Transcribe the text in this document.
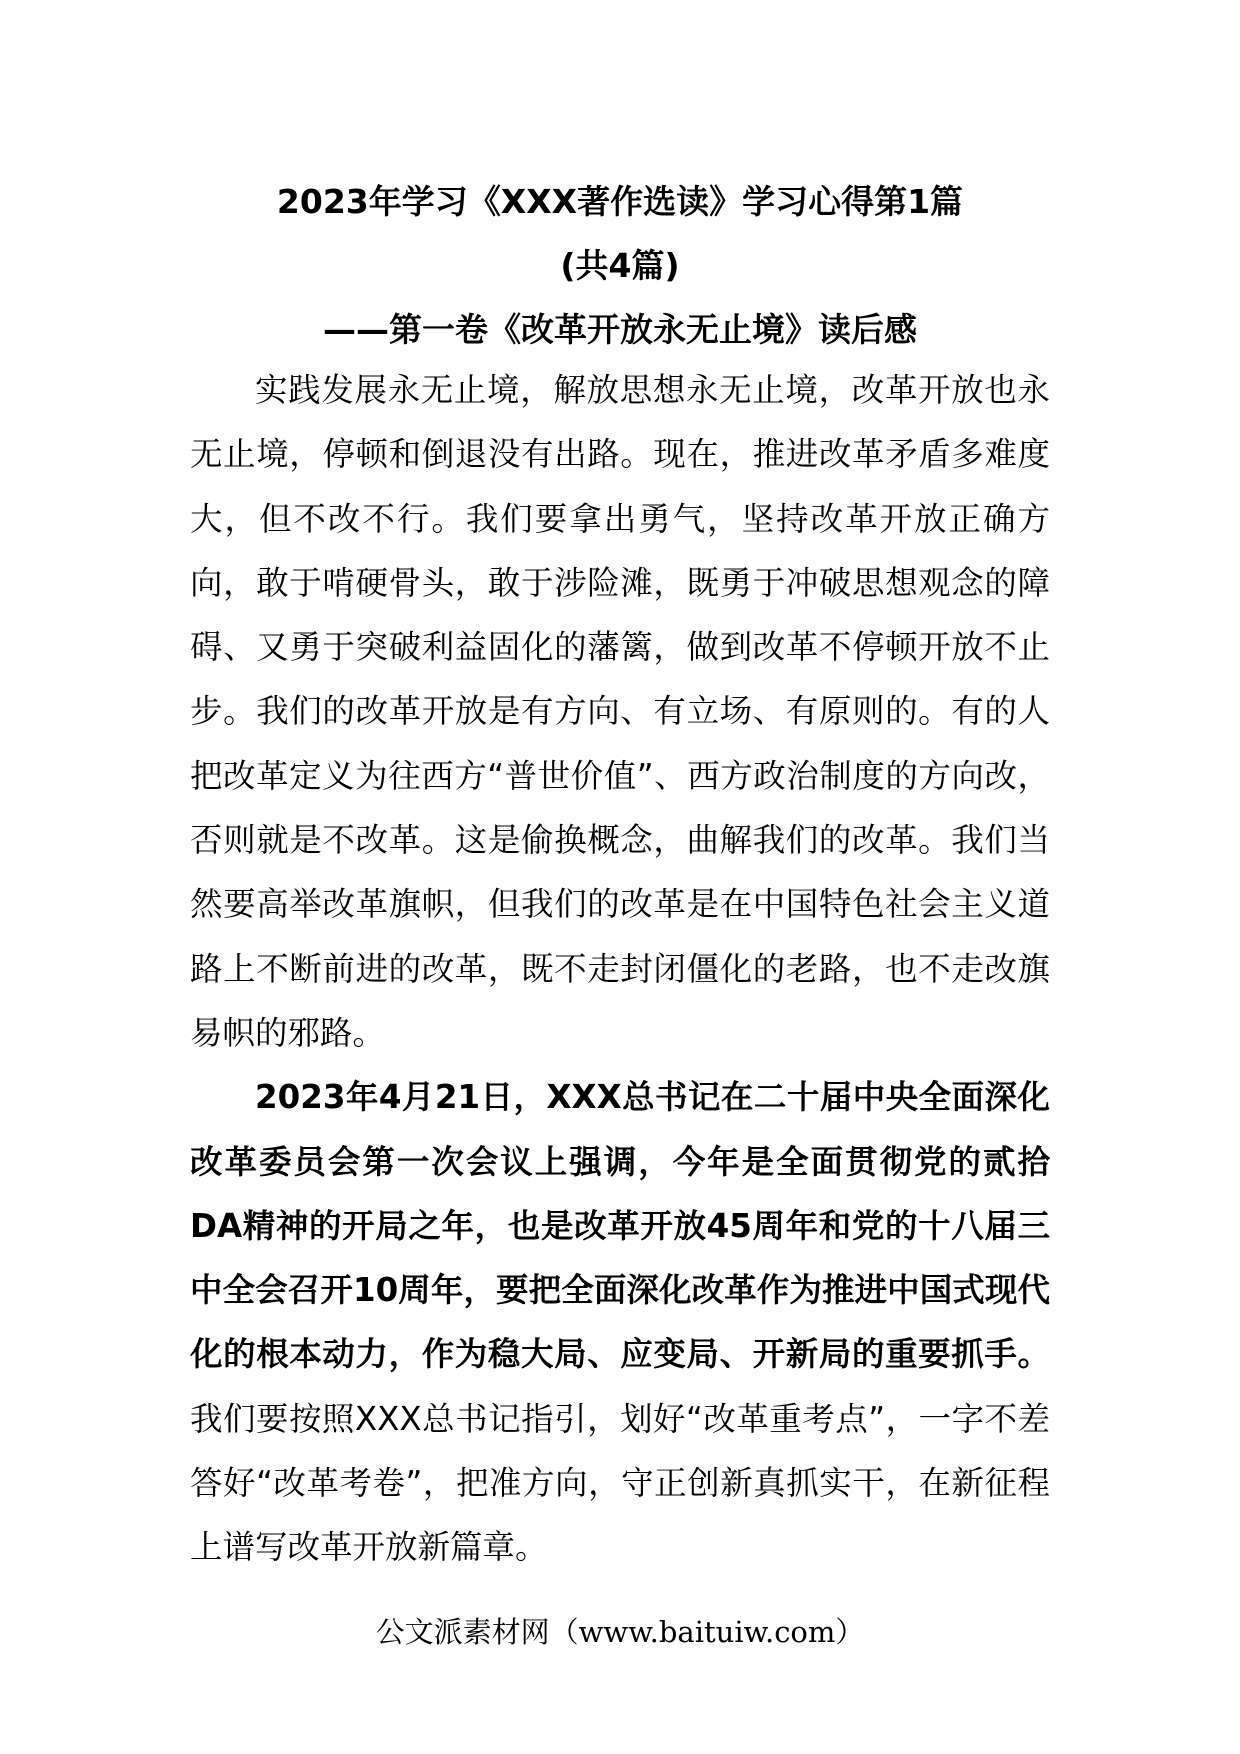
2023年学习《XXX著作选读》学习心得第1篇
(共4篇)
——第一卷《改革开放永无止境》读后感

实践发展永无止境，解放思想永无止境，改革开放也永无止境，停顿和倒退没有出路。现在，推进改革矛盾多难度大，但不改不行。我们要拿出勇气，坚持改革开放正确方向，敢于啃硬骨头，敢于涉险滩，既勇于冲破思想观念的障碍、又勇于突破利益固化的藩篱，做到改革不停顿开放不止步。我们的改革开放是有方向、有立场、有原则的。有的人把改革定义为往西方“普世价值”、西方政治制度的方向改，否则就是不改革。这是偷换概念，曲解我们的改革。我们当然要高举改革旗帜，但我们的改革是在中国特色社会主义道路上不断前进的改革，既不走封闭僵化的老路，也不走改旗易帜的邪路。

2023年4月21日，XXX总书记在二十届中央全面深化改革委员会第一次会议上强调，今年是全面贯彻党的贰拾DA精神的开局之年，也是改革开放45周年和党的十八届三中全会召开10周年，要把全面深化改革作为推进中国式现代化的根本动力，作为稳大局、应变局、开新局的重要抓手。我们要按照XXX总书记指引，划好“改革重考点”，一字不差答好“改革考卷”，把准方向，守正创新真抓实干，在新征程上谱写改革开放新篇章。

公文派素材网（www.baituiw.com）
